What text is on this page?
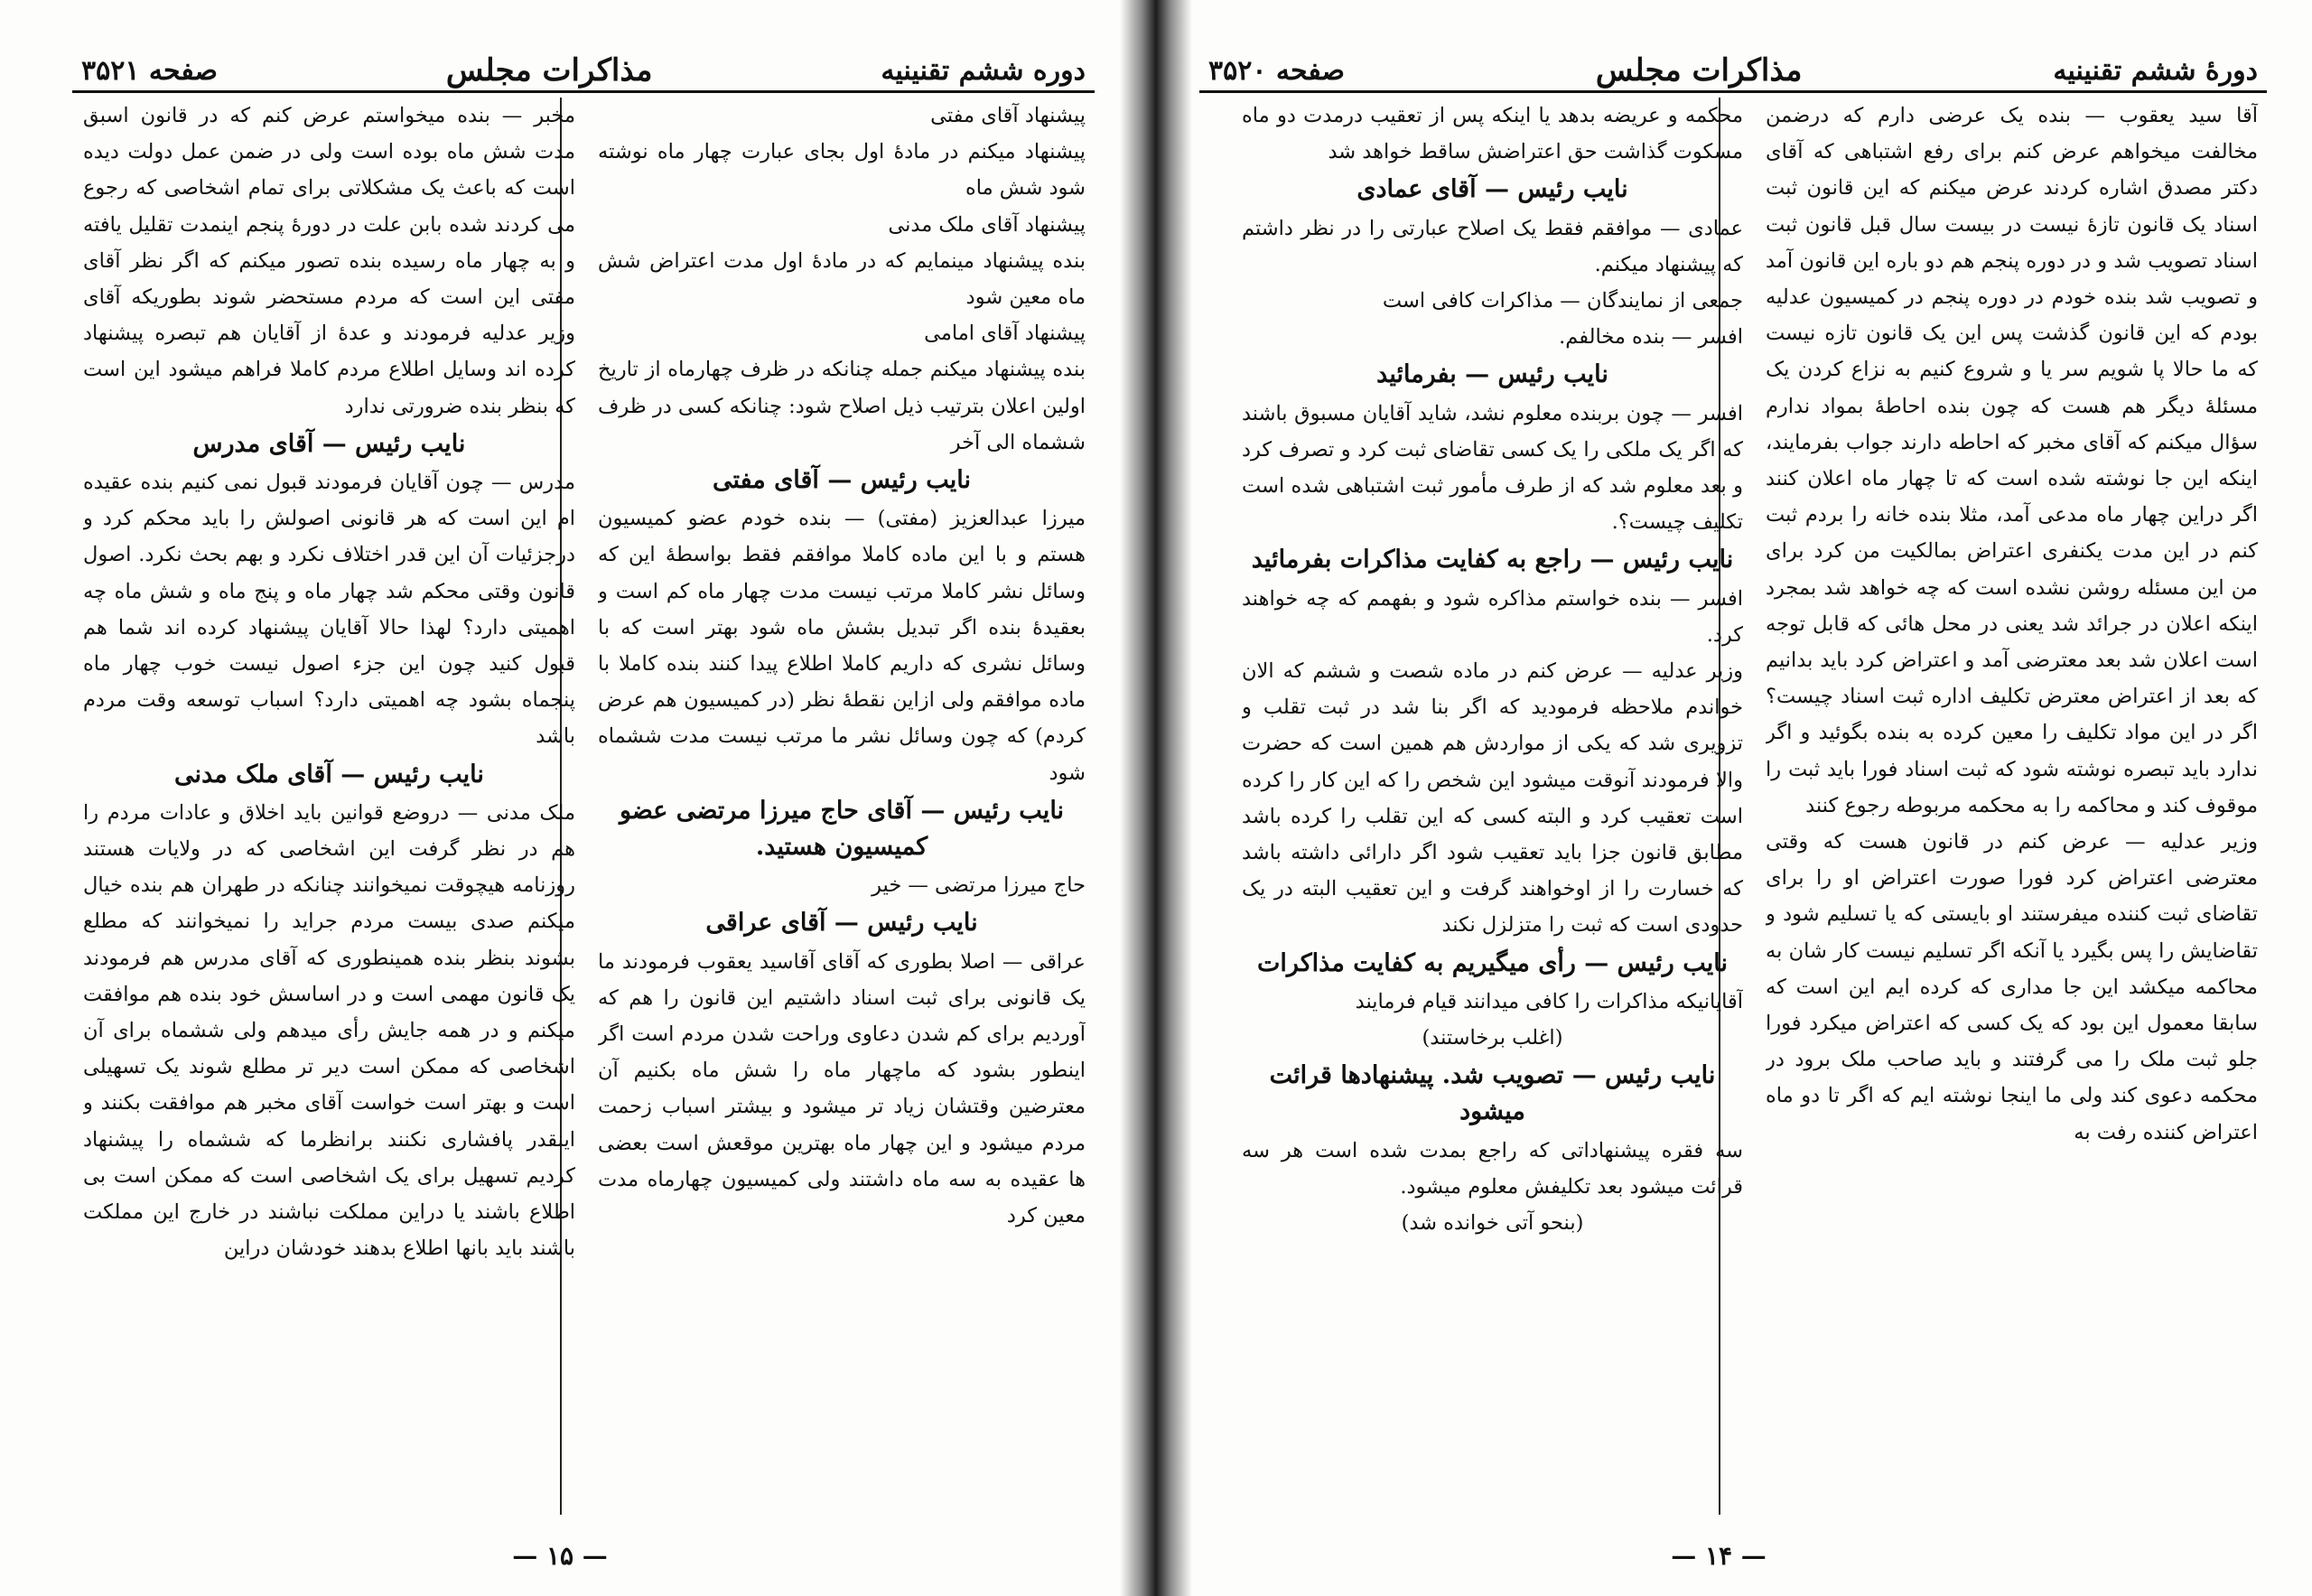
دوره ششم تقنینیه
مذاکرات مجلس
صفحه ۳۵۲۱

پیشنهاد آقای مفتی

پیشنهاد میکنم در مادهٔ اول بجای عبارت چهار ماه نوشته شود شش ماه

پیشنهاد آقای ملک مدنی

بنده پیشنهاد مینمایم که در مادهٔ اول مدت اعتراض شش ماه معین شود

پیشنهاد آقای امامی

بنده پیشنهاد میکنم جمله چنانکه در ظرف چهارماه از تاریخ اولین اعلان بترتیب ذیل اصلاح شود: چنانکه کسی در ظرف ششماه الی آخر

نایب رئیس — آقای مفتی

میرزا عبدالعزیز (مفتی) — بنده خودم عضو کمیسیون هستم و با این ماده کاملا موافقم فقط بواسطهٔ این که وسائل نشر کاملا مرتب نیست مدت چهار ماه کم است و بعقیدهٔ بنده اگر تبدیل بشش ماه شود بهتر است که با وسائل نشری که داریم کاملا اطلاع پیدا کنند بنده کاملا با ماده موافقم ولی ازاین نقطهٔ نظر (در کمیسیون هم عرض کردم) که چون وسائل نشر ما مرتب نیست مدت ششماه شود

نایب رئیس — آقای حاج میرزا مرتضی عضو کمیسیون هستید.

حاج میرزا مرتضی — خیر

نایب رئیس — آقای عراقی

عراقی — اصلا بطوری که آقای آقاسید یعقوب فرمودند ما یک قانونی برای ثبت اسناد داشتیم این قانون را هم که آوردیم برای کم شدن دعاوی وراحت شدن مردم است اگر اینطور بشود که ماچهار ماه را شش ماه بکنیم آن معترضین وقتشان زیاد تر میشود و بیشتر اسباب زحمت مردم میشود و این چهار ماه بهترین موقعش است بعضی ها عقیده به سه ماه داشتند ولی کمیسیون چهارماه مدت معین کرد

مخبر — بنده میخواستم عرض کنم که در قانون اسبق مدت شش ماه بوده است ولی در ضمن عمل دولت دیده است که باعث یک مشکلاتی برای تمام اشخاصی که رجوع می کردند شده بابن علت در دورهٔ پنجم اینمدت تقلیل یافته و به چهار ماه رسیده بنده تصور میکنم که اگر نظر آقای مفتی این است که مردم مستحضر شوند بطوریکه آقای وزیر عدلیه فرمودند و عدهٔ از آقایان هم تبصره پیشنهاد کرده اند وسایل اطلاع مردم کاملا فراهم میشود این است که بنظر بنده ضرورتی ندارد

نایب رئیس — آقای مدرس

مدرس — چون آقایان فرمودند قبول نمی کنیم بنده عقیده ام این است که هر قانونی اصولش را باید محکم کرد و درجزئیات آن این قدر اختلاف نکرد و بهم بحث نکرد. اصول قانون وقتی محکم شد چهار ماه و پنج ماه و شش ماه چه اهمیتی دارد؟ لهذا حالا آقایان پیشنهاد کرده اند شما هم قبول کنید چون این جزء اصول نیست خوب چهار ماه پنجماه بشود چه اهمیتی دارد؟ اسباب توسعه وقت مردم باشد

نایب رئیس — آقای ملک مدنی

ملک مدنی — دروضع قوانین باید اخلاق و عادات مردم را هم در نظر گرفت این اشخاصی که در ولایات هستند روزنامه هیچوقت نمیخوانند چنانکه در طهران هم بنده خیال میکنم صدی بیست مردم جراید را نمیخوانند که مطلع بشوند بنظر بنده همینطوری که آقای مدرس هم فرمودند یک قانون مهمی است و در اساسش خود بنده هم موافقت میکنم و در همه جایش رأی میدهم ولی ششماه برای آن اشخاصی که ممکن است دیر تر مطلع شوند یک تسهیلی است و بهتر است خواست آقای مخبر هم موافقت بکنند و اینقدر پافشاری نکنند برانظرما که ششماه را پیشنهاد کردیم تسهیل برای یک اشخاصی است که ممکن است بی اطلاع باشند یا دراین مملکت نباشند در خارج این مملکت باشند باید بانها اطلاع بدهند خودشان دراین

— ۱۵ —
دورهٔ ششم تقنینیه
مذاکرات مجلس
صفحه ۳۵۲۰

آقا سید یعقوب — بنده یک عرضی دارم که درضمن مخالفت میخواهم عرض کنم برای رفع اشتباهی که آقای دکتر مصدق اشاره کردند عرض میکنم که این قانون ثبت اسناد یک قانون تازهٔ نیست در بیست سال قبل قانون ثبت اسناد تصویب شد و در دوره پنجم هم دو باره این قانون آمد و تصویب شد بنده خودم در دوره پنجم در کمیسیون عدلیه بودم که این قانون گذشت پس این یک قانون تازه نیست که ما حالا پا شویم سر یا و شروع کنیم به نزاع کردن یک مسئلهٔ دیگر هم هست که چون بنده احاطهٔ بمواد ندارم سؤال میکنم که آقای مخبر که احاطه دارند جواب بفرمایند، اینکه این جا نوشته شده است که تا چهار ماه اعلان کنند اگر دراین چهار ماه مدعی آمد، مثلا بنده خانه را بردم ثبت کنم در این مدت یکنفری اعتراض بمالکیت من کرد برای من این مسئله روشن نشده است که چه خواهد شد بمجرد اینکه اعلان در جرائد شد یعنی در محل هائی که قابل توجه است اعلان شد بعد معترضی آمد و اعتراض کرد باید بدانیم که بعد از اعتراض معترض تکلیف اداره ثبت اسناد چیست؟ اگر در این مواد تکلیف را معین کرده به بنده بگوئید و اگر ندارد باید تبصره نوشته شود که ثبت اسناد فورا باید ثبت را موقوف کند و محاکمه را به محکمه مربوطه رجوع کنند

وزیر عدلیه — عرض کنم در قانون هست که وقتی معترضی اعتراض کرد فورا صورت اعتراض او را برای تقاضای ثبت کننده میفرستند او بایستی که یا تسلیم شود و تقاضایش را پس بگیرد یا آنکه اگر تسلیم نیست کار شان به محاکمه میکشد این جا مداری که کرده ایم این است که سابقا معمول این بود که یک کسی که اعتراض میکرد فورا جلو ثبت ملک را می گرفتند و باید صاحب ملک برود در محکمه دعوی کند ولی ما اینجا نوشته ایم که اگر تا دو ماه اعتراض کننده رفت به

محکمه و عریضه بدهد یا اینکه پس از تعقیب درمدت دو ماه مسکوت گذاشت حق اعتراضش ساقط خواهد شد

نایب رئیس — آقای عمادی

عمادی — موافقم فقط یک اصلاح عبارتی را در نظر داشتم که پیشنهاد میکنم.

جمعی از نمایندگان — مذاکرات کافی است

افسر — بنده مخالفم.

نایب رئیس — بفرمائید

افسر — چون بربنده معلوم نشد، شاید آقایان مسبوق باشند که اگر یک ملکی را یک کسی تقاضای ثبت کرد و تصرف کرد و بعد معلوم شد که از طرف مأمور ثبت اشتباهی شده است تکلیف چیست؟.

نایب رئیس — راجع به کفایت مذاکرات بفرمائید

افسر — بنده خواستم مذاکره شود و بفهمم که چه خواهند کرد.

وزیر عدلیه — عرض کنم در ماده شصت و ششم که الان خواندم ملاحظه فرمودید که اگر بنا شد در ثبت تقلب و تزویری شد که یکی از مواردش هم همین است که حضرت والا فرمودند آنوقت میشود این شخص را که این کار را کرده است تعقیب کرد و البته کسی که این تقلب را کرده باشد مطابق قانون جزا باید تعقیب شود اگر دارائی داشته باشد که خسارت را از اوخواهند گرفت و این تعقیب البته در یک حدودی است که ثبت را متزلزل نکند

نایب رئیس — رأی میگیریم به کفایت مذاکرات

آقایانیکه مذاکرات را کافی میدانند قیام فرمایند

(اغلب برخاستند)

نایب رئیس — تصویب شد. پیشنهادها قرائت میشود

سه فقره پیشنهاداتی که راجع بمدت شده است هر سه قرائت میشود بعد تکلیفش معلوم میشود.

(بنحو آتی خوانده شد)

— ۱۴ —
